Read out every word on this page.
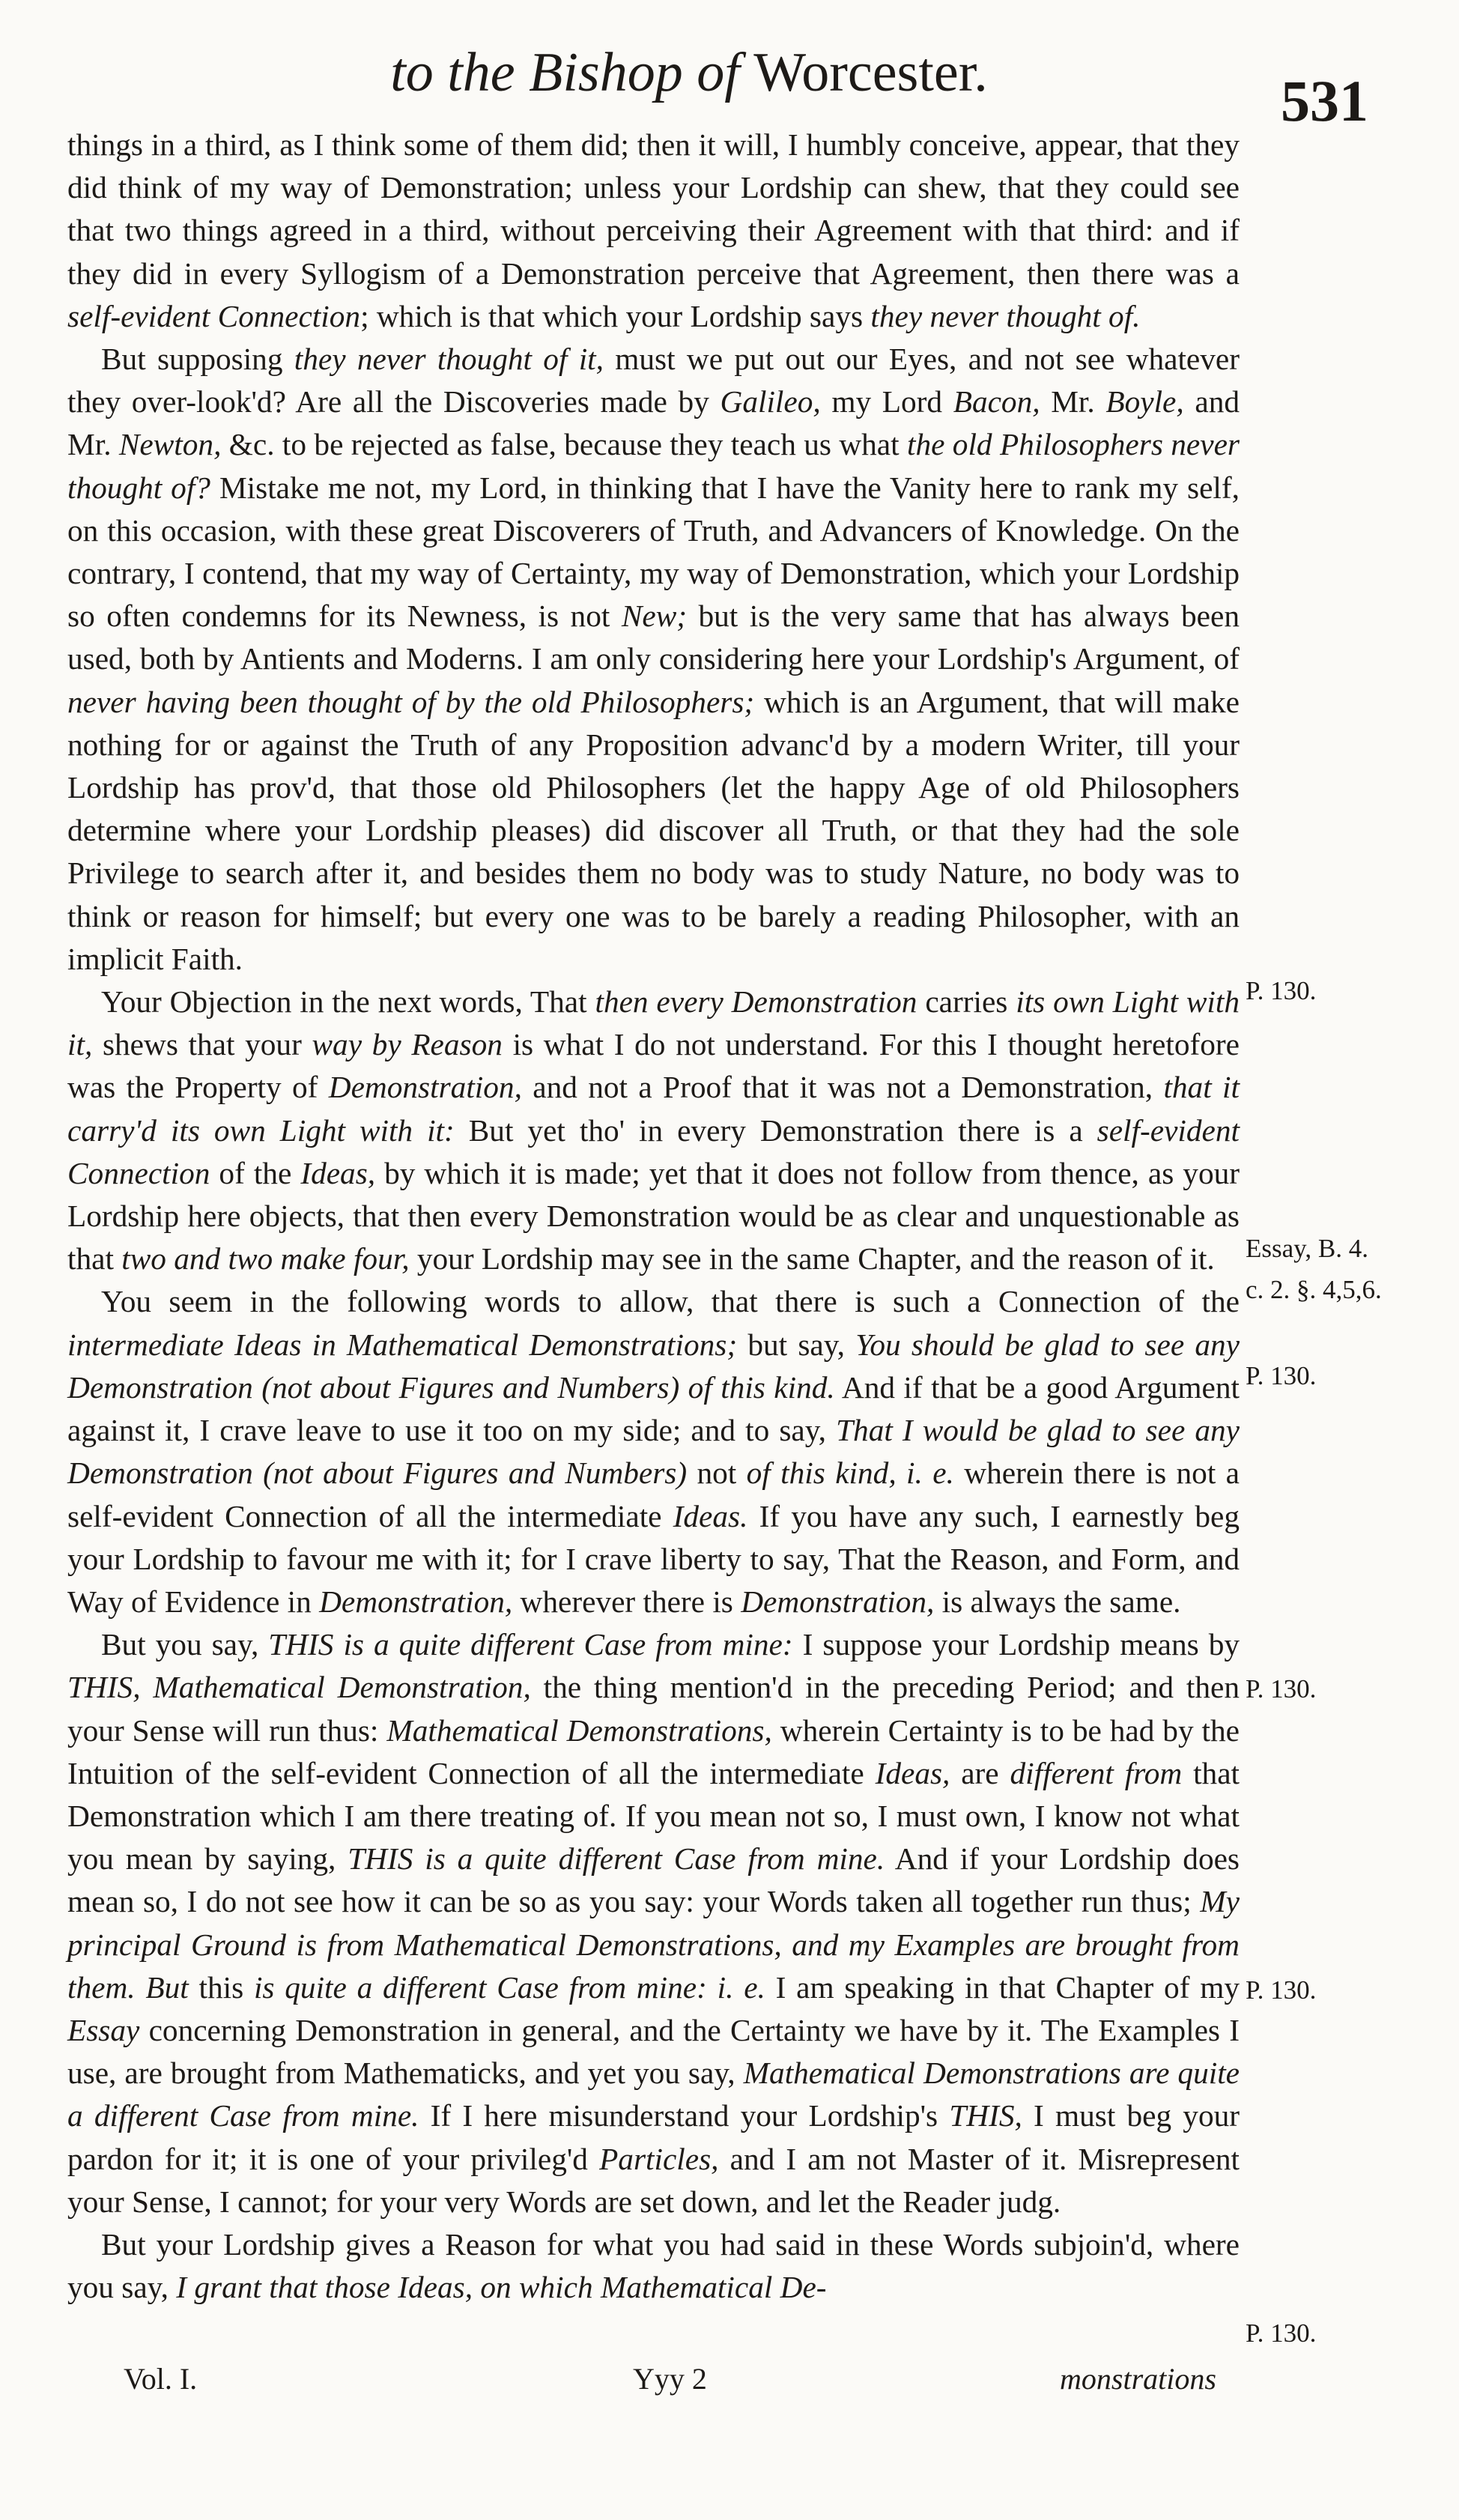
to the Bishop of Worcester.	531

things in a third, as I think some of them did; then it will, I humbly conceive, appear, that they did think of my way of Demonstration; unless your Lordship can shew, that they could see that two things agreed in a third, without perceiving their Agreement with that third: and if they did in every Syllogism of a Demonstration perceive that Agreement, then there was a self-evident Connection; which is that which your Lordship says they never thought of.

But supposing they never thought of it, must we put out our Eyes, and not see whatever they over-look'd? Are all the Discoveries made by Galileo, my Lord Bacon, Mr. Boyle, and Mr. Newton, &c. to be rejected as false, because they teach us what the old Philosophers never thought of? Mistake me not, my Lord, in thinking that I have the Vanity here to rank my self, on this occasion, with these great Discoverers of Truth, and Advancers of Knowledge. On the contrary, I contend, that my way of Certainty, my way of Demonstration, which your Lordship so often condemns for its Newness, is not New; but is the very same that has always been used, both by Antients and Moderns. I am only considering here your Lordship's Argument, of never having been thought of by the old Philosophers; which is an Argument, that will make nothing for or against the Truth of any Proposition advanc'd by a modern Writer, till your Lordship has prov'd, that those old Philosophers (let the happy Age of old Philosophers determine where your Lordship pleases) did discover all Truth, or that they had the sole Privilege to search after it, and besides them no body was to study Nature, no body was to think or reason for himself; but every one was to be barely a reading Philosopher, with an implicit Faith.

Your Objection in the next words, That then every Demonstration carries its own Light with it, shews that your way by Reason is what I do not understand. For this I thought heretofore was the Property of Demonstration, and not a Proof that it was not a Demonstration, that it carry'd its own Light with it: But yet tho' in every Demonstration there is a self-evident Connection of the Ideas, by which it is made; yet that it does not follow from thence, as your Lordship here objects, that then every Demonstration would be as clear and unquestionable as that two and two make four, your Lordship may see in the same Chapter, and the reason of it.

You seem in the following words to allow, that there is such a Connection of the intermediate Ideas in Mathematical Demonstrations; but say, You should be glad to see any Demonstration (not about Figures and Numbers) of this kind. And if that be a good Argument against it, I crave leave to use it too on my side; and to say, That I would be glad to see any Demonstration (not about Figures and Numbers) not of this kind, i. e. wherein there is not a self-evident Connection of all the intermediate Ideas. If you have any such, I earnestly beg your Lordship to favour me with it; for I crave liberty to say, That the Reason, and Form, and Way of Evidence in Demonstration, wherever there is Demonstration, is always the same.

But you say, THIS is a quite different Case from mine: I suppose your Lordship means by THIS, Mathematical Demonstration, the thing mention'd in the preceding Period; and then your Sense will run thus: Mathematical Demonstrations, wherein Certainty is to be had by the Intuition of the self-evident Connection of all the intermediate Ideas, are different from that Demonstration which I am there treating of. If you mean not so, I must own, I know not what you mean by saying, THIS is a quite different Case from mine. And if your Lordship does mean so, I do not see how it can be so as you say: your Words taken all together run thus; My principal Ground is from Mathematical Demonstrations, and my Examples are brought from them. But this is quite a different Case from mine: i. e. I am speaking in that Chapter of my Essay concerning Demonstration in general, and the Certainty we have by it. The Examples I use, are brought from Mathematicks, and yet you say, Mathematical Demonstrations are quite a different Case from mine. If I here misunderstand your Lordship's THIS, I must beg your pardon for it; it is one of your privileg'd Particles, and I am not Master of it. Misrepresent your Sense, I cannot; for your very Words are set down, and let the Reader judg.

But your Lordship gives a Reason for what you had said in these Words subjoin'd, where you say, I grant that those Ideas, on which Mathematical De-

P. 130.
Essay, B. 4.
c. 2. §. 4,5,6.
P. 130.
P. 130.
P. 130.
P. 130.
Vol. I.	Yyy 2	monstrations
